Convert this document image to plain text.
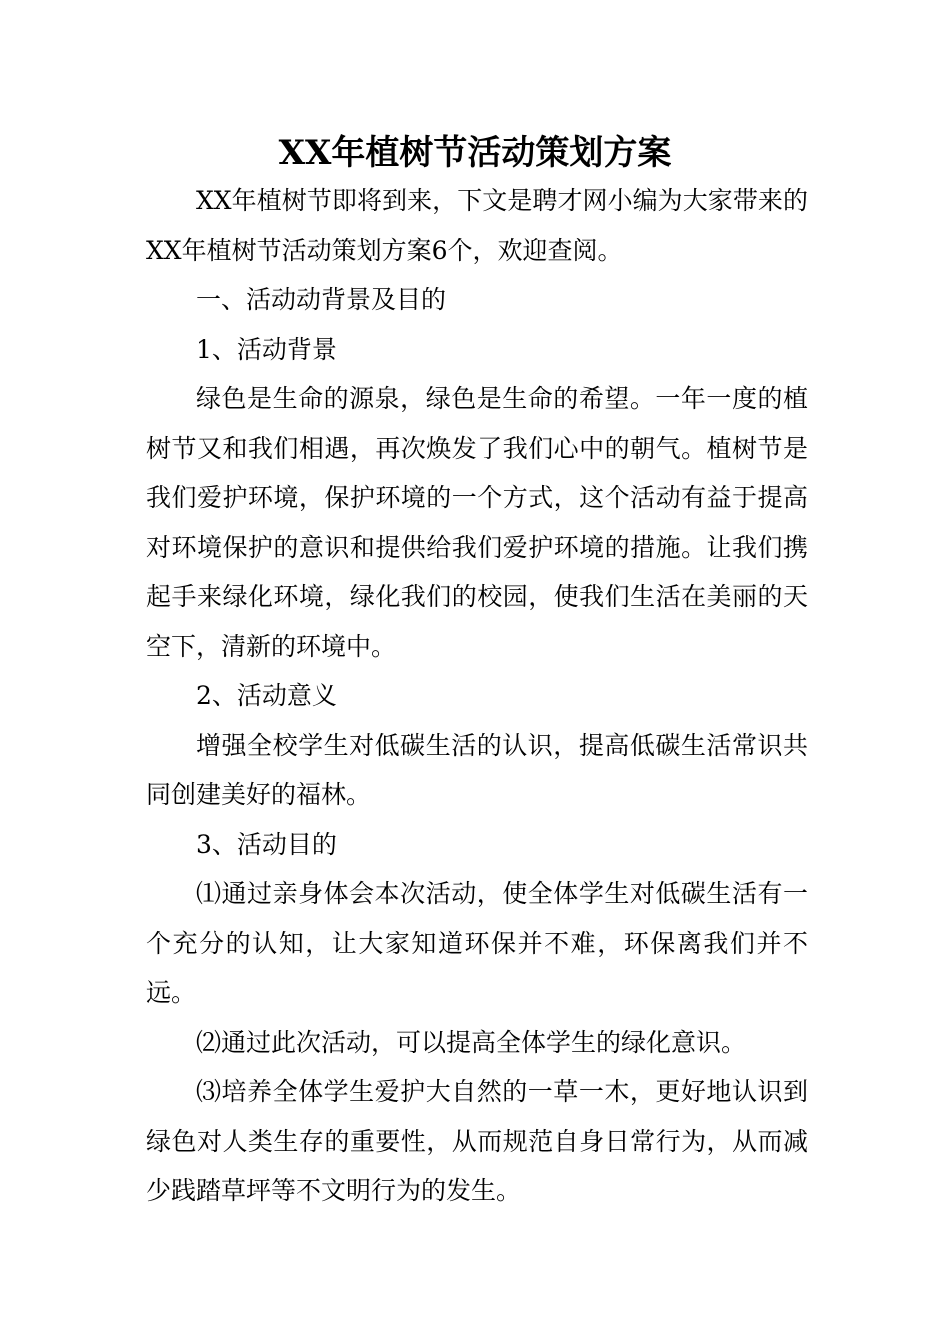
XX年植树节活动策划方案

XX年植树节即将到来，下文是聘才网小编为大家带来的XX年植树节活动策划方案6个，欢迎查阅。

一、活动动背景及目的

1、活动背景

绿色是生命的源泉，绿色是生命的希望。一年一度的植树节又和我们相遇，再次焕发了我们心中的朝气。植树节是我们爱护环境，保护环境的一个方式，这个活动有益于提高对环境保护的意识和提供给我们爱护环境的措施。让我们携起手来绿化环境，绿化我们的校园，使我们生活在美丽的天空下，清新的环境中。

2、活动意义

增强全校学生对低碳生活的认识，提高低碳生活常识共同创建美好的福林。

3、活动目的

⑴通过亲身体会本次活动，使全体学生对低碳生活有一个充分的认知，让大家知道环保并不难，环保离我们并不远。

⑵通过此次活动，可以提高全体学生的绿化意识。

⑶培养全体学生爱护大自然的一草一木，更好地认识到绿色对人类生存的重要性，从而规范自身日常行为，从而减少践踏草坪等不文明行为的发生。
